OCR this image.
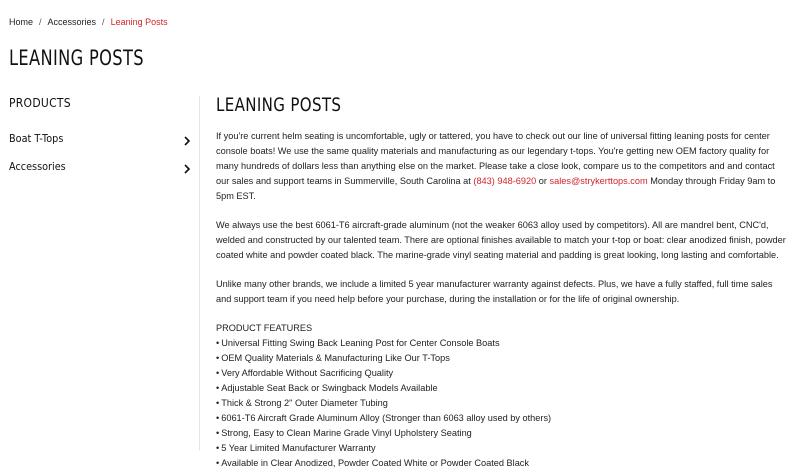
Home / Accessories / Leaning Posts
LEANING POSTS
PRODUCTS
Boat T-Tops
Accessories
LEANING POSTS

If you're current helm seating is uncomfortable, ugly or tattered, you have to check out our line of universal fitting leaning posts for center console boats! We use the same quality materials and manufacturing as our legendary t-tops. You're getting new OEM factory quality for many hundreds of dollars less than anything else on the market. Please take a close look, compare us to the competitors and and contact our sales and support teams in Summerville, South Carolina at (843) 948-6920 or sales@strykerttops.com Monday through Friday 9am to 5pm EST.

We always use the best 6061-T6 aircraft-grade aluminum (not the weaker 6063 alloy used by competitors). All are mandrel bent, CNC'd, welded and constructed by our talented team. There are optional finishes available to match your t-top or boat: clear anodized finish, powder coated white and powder coated black. The marine-grade vinyl seating material and padding is great looking, long lasting and comfortable.

Unlike many other brands, we include a limited 5 year manufacturer warranty against defects. Plus, we have a fully staffed, full time sales and support team if you need help before your purchase, during the installation or for the life of original ownership.

PRODUCT FEATURES

• Universal Fitting Swing Back Leaning Post for Center Console Boats
• OEM Quality Materials & Manufacturing Like Our T-Tops
• Very Affordable Without Sacrificing Quality
• Adjustable Seat Back or Swingback Models Available
• Thick & Strong 2" Outer Diameter Tubing
• 6061-T6 Aircraft Grade Aluminum Alloy (Stronger than 6063 alloy used by others)
• Strong, Easy to Clean Marine Grade Vinyl Upholstery Seating
• 5 Year Limited Manufacturer Warranty
• Available in Clear Anodized, Powder Coated White or Powder Coated Black
